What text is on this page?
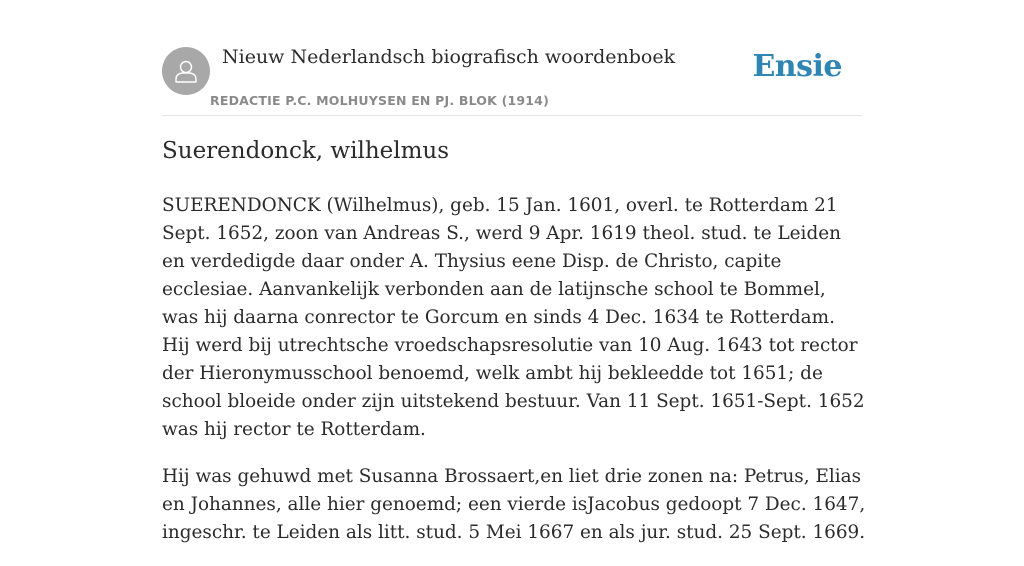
Nieuw Nederlandsch biografisch woordenboek
REDACTIE P.C. MOLHUYSEN EN PJ. BLOK (1914)
Ensie
Suerendonck, wilhelmus

SUERENDONCK (Wilhelmus), geb. 15 Jan. 1601, overl. te Rotterdam 21 Sept. 1652, zoon van Andreas S., werd 9 Apr. 1619 theol. stud. te Leiden en verdedigde daar onder A. Thysius eene Disp. de Christo, capite ecclesiae. Aanvankelijk verbonden aan de latijnsche school te Bommel, was hij daarna conrector te Gorcum en sinds 4 Dec. 1634 te Rotterdam. Hij werd bij utrechtsche vroedschapsresolutie van 10 Aug. 1643 tot rector der Hieronymusschool benoemd, welk ambt hij bekleedde tot 1651; de school bloeide onder zijn uitstekend bestuur. Van 11 Sept. 1651-Sept. 1652 was hij rector te Rotterdam.

Hij was gehuwd met Susanna Brossaert,en liet drie zonen na: Petrus, Elias en Johannes, alle hier genoemd; een vierde isJacobus gedoopt 7 Dec. 1647, ingeschr. te Leiden als litt. stud. 5 Mei 1667 en als jur. stud. 25 Sept. 1669.
